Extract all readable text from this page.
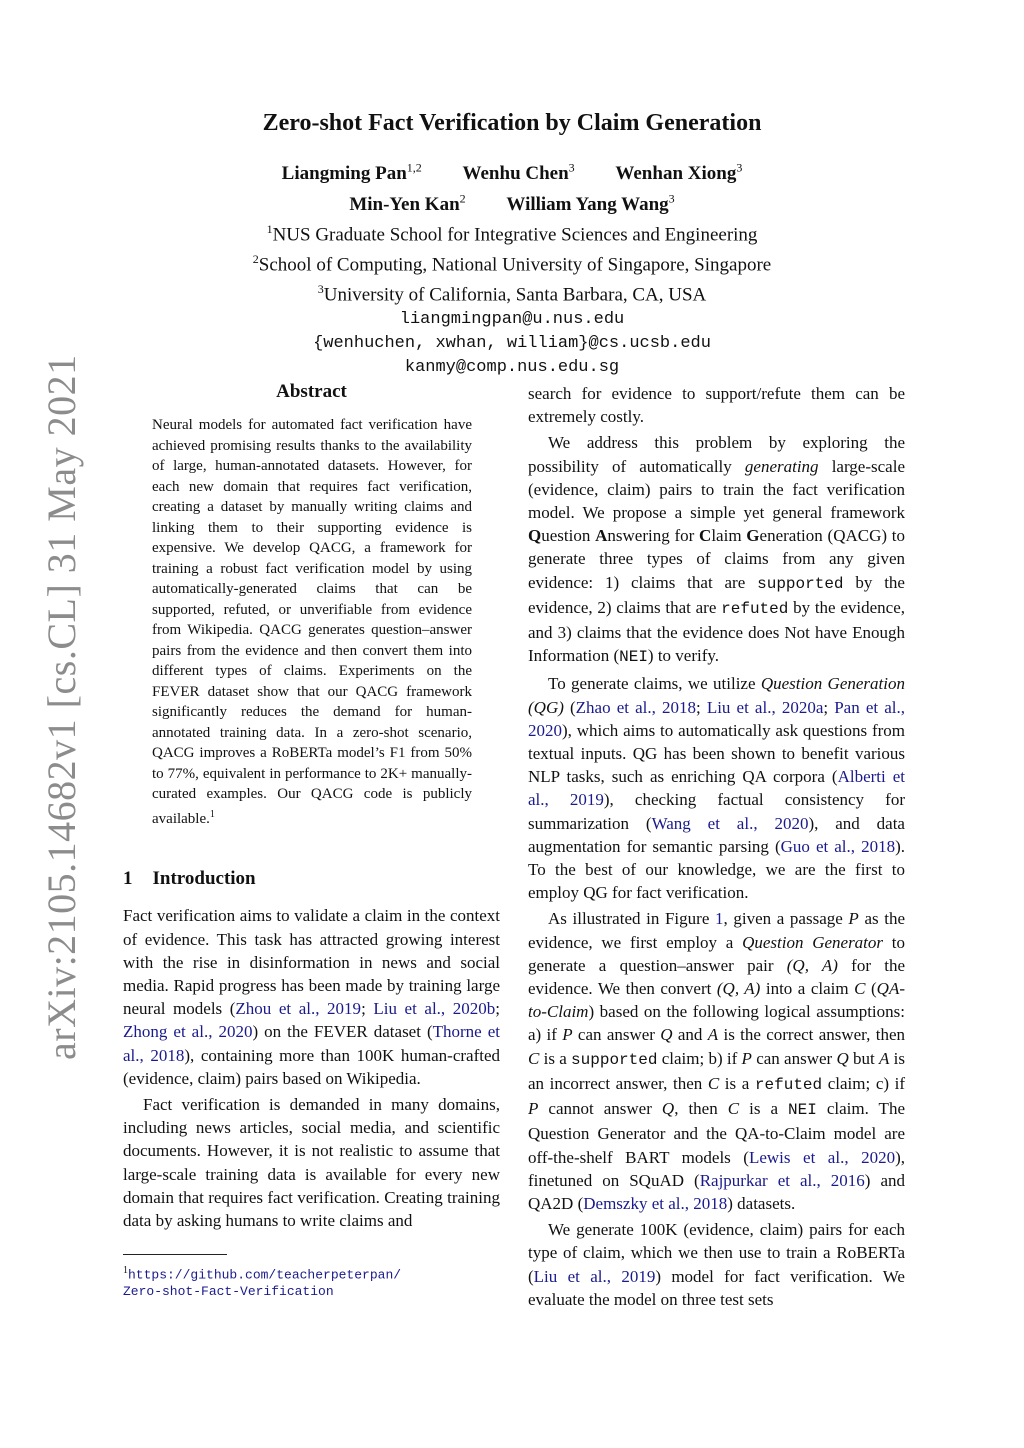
arXiv:2105.14682v1 [cs.CL] 31 May 2021
Zero-shot Fact Verification by Claim Generation
Liangming Pan$^{1,2}$ Wenhu Chen$^3$ Wenhan Xiong$^3$
Min-Yen Kan$^2$ William Yang Wang$^3$
$^1$NUS Graduate School for Integrative Sciences and Engineering
$^2$School of Computing, National University of Singapore, Singapore
$^3$University of California, Santa Barbara, CA, USA
liangmingpan@u.nus.edu
{wenhuchen, xwhan, william}@cs.ucsb.edu
kanmy@comp.nus.edu.sg
Abstract
Neural models for automated fact verification have achieved promising results thanks to the availability of large, human-annotated datasets. However, for each new domain that requires fact verification, creating a dataset by manually writing claims and linking them to their supporting evidence is expensive. We develop QACG, a framework for training a robust fact verification model by using automatically-generated claims that can be supported, refuted, or unverifiable from evidence from Wikipedia. QACG generates question–answer pairs from the evidence and then convert them into different types of claims. Experiments on the FEVER dataset show that our QACG framework significantly reduces the demand for human-annotated training data. In a zero-shot scenario, QACG improves a RoBERTa model’s F1 from 50% to 77%, equivalent in performance to 2K+ manually-curated examples. Our QACG code is publicly available.$^1$
1 Introduction

Fact verification aims to validate a claim in the context of evidence. This task has attracted growing interest with the rise in disinformation in news and social media. Rapid progress has been made by training large neural models (Zhou et al., 2019; Liu et al., 2020b; Zhong et al., 2020) on the FEVER dataset (Thorne et al., 2018), containing more than 100K human-crafted (evidence, claim) pairs based on Wikipedia.

Fact verification is demanded in many domains, including news articles, social media, and scientific documents. However, it is not realistic to assume that large-scale training data is available for every new domain that requires fact verification. Creating training data by asking humans to write claims and

$^1$https://github.com/teacherpeterpan/
Zero-shot-Fact-Verification

search for evidence to support/refute them can be extremely costly.

We address this problem by exploring the possibility of automatically generating large-scale (evidence, claim) pairs to train the fact verification model. We propose a simple yet general framework Question Answering for Claim Generation (QACG) to generate three types of claims from any given evidence: 1) claims that are supported by the evidence, 2) claims that are refuted by the evidence, and 3) claims that the evidence does Not have Enough Information (NEI) to verify.

To generate claims, we utilize Question Generation (QG) (Zhao et al., 2018; Liu et al., 2020a; Pan et al., 2020), which aims to automatically ask questions from textual inputs. QG has been shown to benefit various NLP tasks, such as enriching QA corpora (Alberti et al., 2019), checking factual consistency for summarization (Wang et al., 2020), and data augmentation for semantic parsing (Guo et al., 2018). To the best of our knowledge, we are the first to employ QG for fact verification.

As illustrated in Figure 1, given a passage P as the evidence, we first employ a Question Generator to generate a question–answer pair (Q, A) for the evidence. We then convert (Q, A) into a claim C (QA-to-Claim) based on the following logical assumptions: a) if P can answer Q and A is the correct answer, then C is a supported claim; b) if P can answer Q but A is an incorrect answer, then C is a refuted claim; c) if P cannot answer Q, then C is a NEI claim. The Question Generator and the QA-to-Claim model are off-the-shelf BART models (Lewis et al., 2020), finetuned on SQuAD (Rajpurkar et al., 2016) and QA2D (Demszky et al., 2018) datasets.

We generate 100K (evidence, claim) pairs for each type of claim, which we then use to train a RoBERTa (Liu et al., 2019) model for fact verification. We evaluate the model on three test sets
